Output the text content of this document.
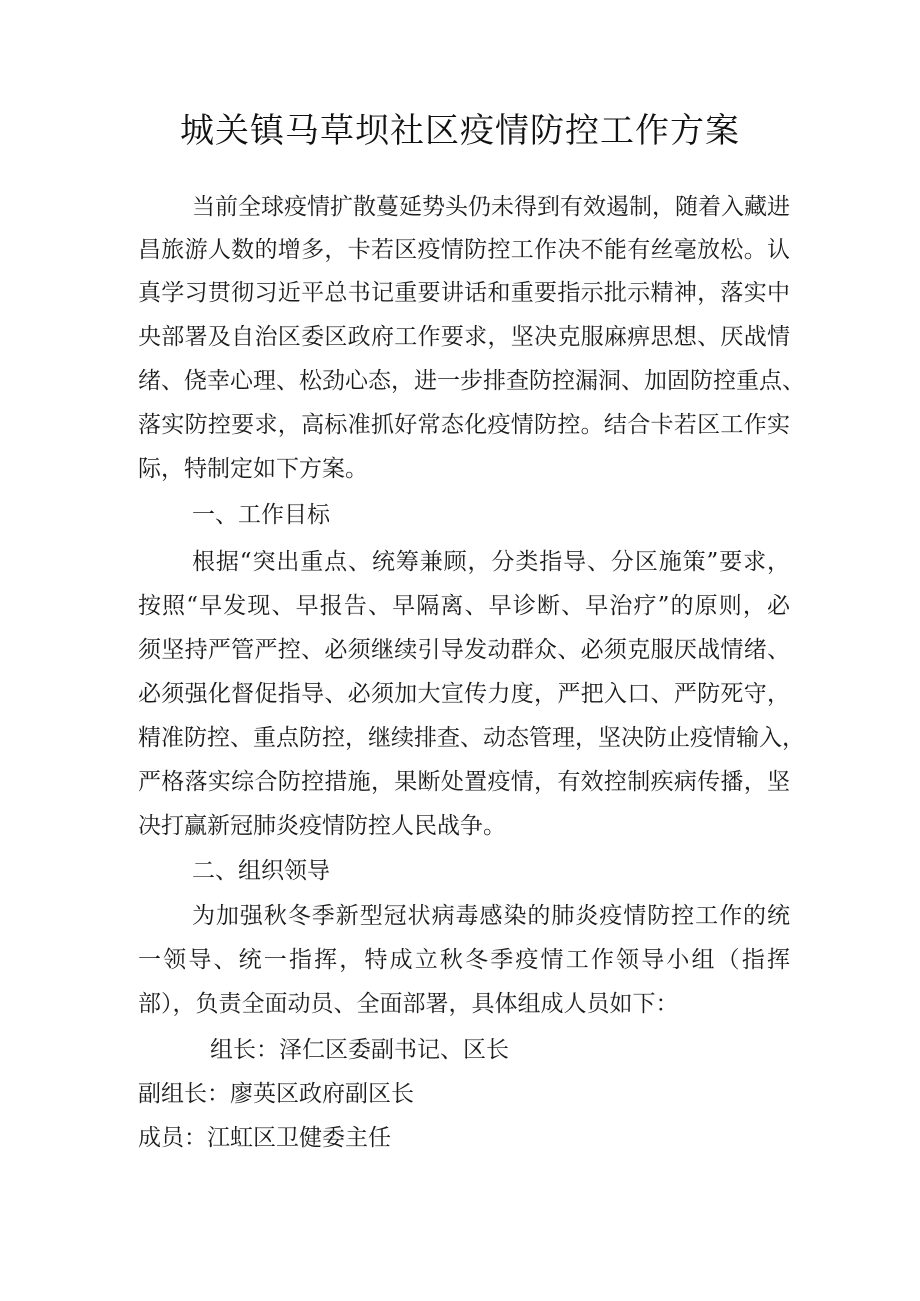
城关镇马草坝社区疫情防控工作方案
当前全球疫情扩散蔓延势头仍未得到有效遏制，随着入藏进
昌旅游人数的增多，卡若区疫情防控工作决不能有丝毫放松。认
真学习贯彻习近平总书记重要讲话和重要指示批示精神，落实中
央部署及自治区委区政府工作要求，坚决克服麻痹思想、厌战情
绪、侥幸心理、松劲心态，进一步排查防控漏洞、加固防控重点、
落实防控要求，高标准抓好常态化疫情防控。结合卡若区工作实
际，特制定如下方案。
一、工作目标
根据“突出重点、统筹兼顾，分类指导、分区施策”要求，
按照“早发现、早报告、早隔离、早诊断、早治疗”的原则，必
须坚持严管严控、必须继续引导发动群众、必须克服厌战情绪、
必须强化督促指导、必须加大宣传力度，严把入口、严防死守，
精准防控、重点防控，继续排查、动态管理，坚决防止疫情输入，
严格落实综合防控措施，果断处置疫情，有效控制疾病传播，坚
决打赢新冠肺炎疫情防控人民战争。
二、组织领导
为加强秋冬季新型冠状病毒感染的肺炎疫情防控工作的统
一领导、统一指挥，特成立秋冬季疫情工作领导小组（指挥
部），负责全面动员、全面部署，具体组成人员如下：
组长：泽仁区委副书记、区长
副组长：廖英区政府副区长
成员：江虹区卫健委主任
